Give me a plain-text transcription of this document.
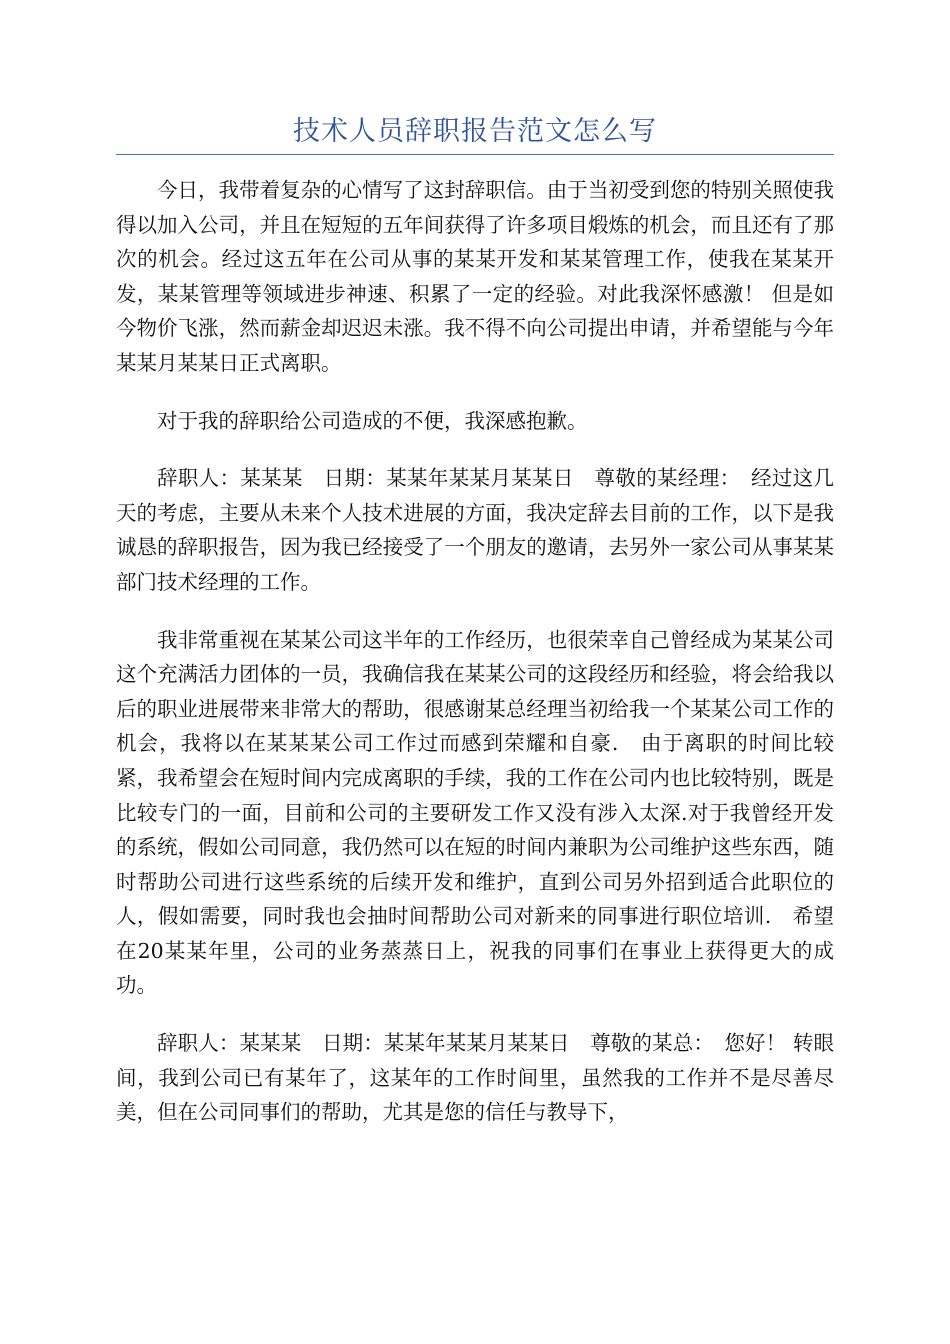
技术人员辞职报告范文怎么写

今日，我带着复杂的心情写了这封辞职信。由于当初受到您的特别关照使我得以加入公司，并且在短短的五年间获得了许多项目煅炼的机会，而且还有了那次的机会。经过这五年在公司从事的某某开发和某某管理工作，使我在某某开发，某某管理等领域进步神速、积累了一定的经验。对此我深怀感激！ 但是如今物价飞涨，然而薪金却迟迟未涨。我不得不向公司提出申请，并希望能与今年某某月某某日正式离职。

对于我的辞职给公司造成的不便，我深感抱歉。

辞职人：某某某　日期：某某年某某月某某日　尊敬的某经理：　经过这几天的考虑，主要从未来个人技术进展的方面，我决定辞去目前的工作，以下是我诚恳的辞职报告，因为我已经接受了一个朋友的邀请，去另外一家公司从事某某部门技术经理的工作。

我非常重视在某某公司这半年的工作经历，也很荣幸自己曾经成为某某公司这个充满活力团体的一员，我确信我在某某公司的这段经历和经验，将会给我以后的职业进展带来非常大的帮助，很感谢某总经理当初给我一个某某公司工作的机会，我将以在某某某公司工作过而感到荣耀和自豪.　由于离职的时间比较紧，我希望会在短时间内完成离职的手续，我的工作在公司内也比较特别，既是比较专门的一面，目前和公司的主要研发工作又没有涉入太深.对于我曾经开发的系统，假如公司同意，我仍然可以在短的时间内兼职为公司维护这些东西，随时帮助公司进行这些系统的后续开发和维护，直到公司另外招到适合此职位的人，假如需要，同时我也会抽时间帮助公司对新来的同事进行职位培训.　希望在20某某年里，公司的业务蒸蒸日上，祝我的同事们在事业上获得更大的成功。

辞职人：某某某　日期：某某年某某月某某日　尊敬的某总：　您好！ 转眼间，我到公司已有某年了，这某年的工作时间里，虽然我的工作并不是尽善尽美，但在公司同事们的帮助，尤其是您的信任与教导下，
